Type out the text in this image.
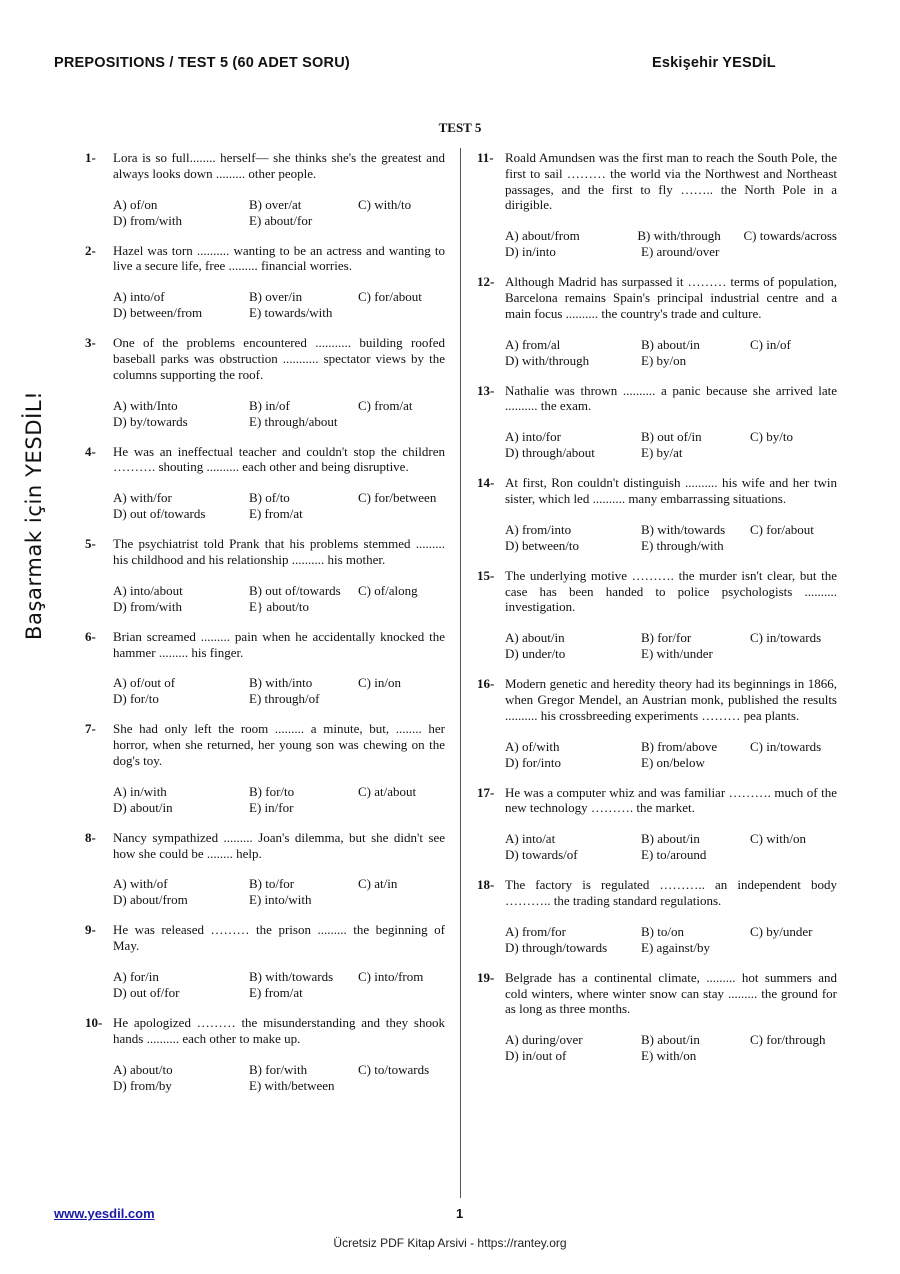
PREPOSITIONS / TEST 5 (60 ADET SORU)	Eskişehir YESDİL
TEST 5
Başarmak için YESDİL!
1- Lora is so full........ herself— she thinks she's the greatest and always looks down ......... other people.
A) of/on	B) over/at	C) with/to
D) from/with	E) about/for
2- Hazel was torn .......... wanting to be an actress and wanting to live a secure life, free ......... financial worries.
A) into/of	B) over/in	C) for/about
D) between/from	E) towards/with
3- One of the problems encountered ........... building roofed baseball parks was obstruction ........... spectator views by the columns supporting the roof.
A) with/Into	B) in/of	C) from/at
D) by/towards	E) through/about
4- He was an ineffectual teacher and couldn't stop the children ………. shouting .......... each other and being disruptive.
A) with/for	B) of/to	C) for/between
D) out of/towards	E) from/at
5- The psychiatrist told Prank that his problems stemmed ......... his childhood and his relationship .......... his mother.
A) into/about	B) out of/towards	C) of/along
D) from/with	E} about/to
6- Brian screamed ......... pain when he accidentally knocked the hammer ......... his finger.
A) of/out of	B) with/into	C) in/on
D) for/to	E) through/of
7- She had only left the room ......... a minute, but, ........ her horror, when she returned, her young son was chewing on the dog's toy.
A) in/with	B) for/to	C) at/about
D) about/in	E) in/for
8- Nancy sympathized ......... Joan's dilemma, but she didn't see how she could be ........ help.
A) with/of	B) to/for	C) at/in
D) about/from	E) into/with
9- He was released ……… the prison ......... the beginning of May.
A) for/in	B) with/towards	C) into/from
D) out of/for	E) from/at
10- He apologized ……… the misunderstanding and they shook hands .......... each other to make up.
A) about/to	B) for/with	C) to/towards
D) from/by	E) with/between
11- Roald Amundsen was the first man to reach the South Pole, the first to sail ……… the world via the Northwest and Northeast passages, and the first to fly …….. the North Pole in a dirigible.
A) about/from	B) with/through	C) towards/across
D) in/into	E) around/over
12- Although Madrid has surpassed it ……… terms of population, Barcelona remains Spain's principal industrial centre and a main focus .......... the country's trade and culture.
A) from/al	B) about/in	C) in/of
D) with/through	E) by/on
13- Nathalie was thrown .......... a panic because she arrived late .......... the exam.
A) into/for	B) out of/in	C) by/to
D) through/about	E) by/at
14- At first, Ron couldn't distinguish .......... his wife and her twin sister, which led .......... many embarrassing situations.
A) from/into	B) with/towards	C) for/about
D) between/to	E) through/with
15- The underlying motive ………. the murder isn't clear, but the case has been handed to police psychologists .......... investigation.
A) about/in	B) for/for	C) in/towards
D) under/to	E) with/under
16- Modern genetic and heredity theory had its beginnings in 1866, when Gregor Mendel, an Austrian monk, published the results .......... his crossbreeding experiments ……… pea plants.
A) of/with	B) from/above	C) in/towards
D) for/into	E) on/below
17- He was a computer whiz and was familiar ………. much of the new technology ………. the market.
A) into/at	B) about/in	C) with/on
D) towards/of	E) to/around
18- The factory is regulated ……….. an independent body ……….. the trading standard regulations.
A) from/for	B) to/on	C) by/under
D) through/towards	E) against/by
19- Belgrade has a continental climate, ......... hot summers and cold winters, where winter snow can stay ......... the ground for as long as three months.
A) during/over	B) about/in	C) for/through
D) in/out of	E) with/on
www.yesdil.com	1
Ücretsiz PDF Kitap Arsivi - https://rantey.org
